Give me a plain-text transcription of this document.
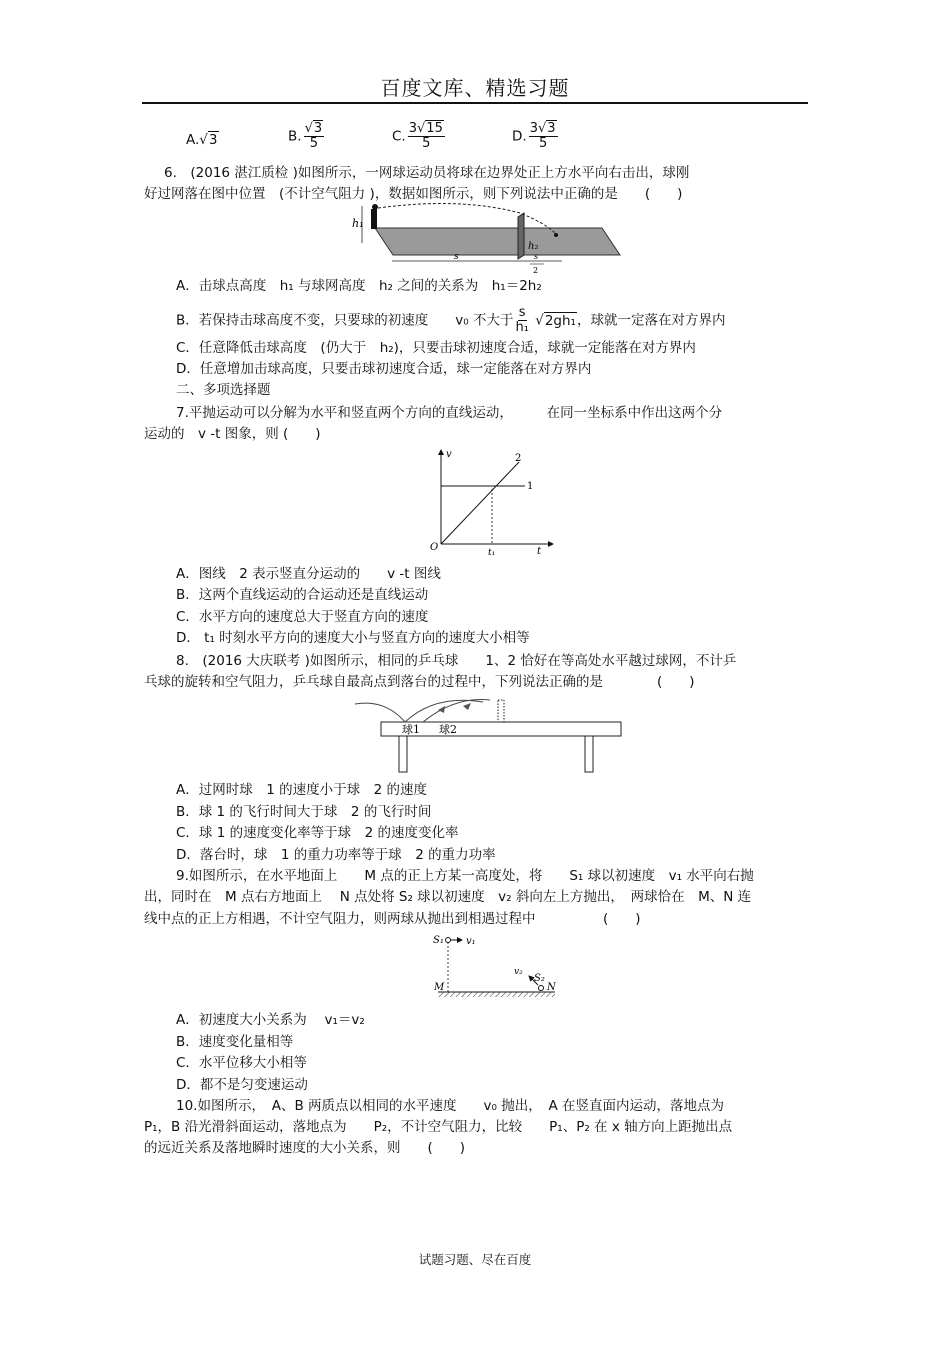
百度文库、精选习题
A.√3	B. $\frac{√3}{5}$	C. $\frac{3√15}{5}$	D. $\frac{3√3}{5}$
6.　(2016 湛江质检 )如图所示，一网球运动员将球在边界处正上方水平向右击出，球刚
好过网落在图中位置　(不计空气阻力 )，数据如图所示，则下列说法中正确的是　　(　　)
h₁
h₂
s	s
2
A．击球点高度　h₁ 与球网高度　h₂ 之间的关系为　h₁＝2h₂
B．若保持击球高度不变，只要球的初速度　　v₀ 不大于 $\frac{s}{\text{h₁}} √2gh_1$，球就一定落在对方界内
C．任意降低击球高度　(仍大于　h₂)，只要击球初速度合适，球就一定能落在对方界内
D．任意增加击球高度，只要击球初速度合适，球一定能落在对方界内
二、多项选择题
7.平抛运动可以分解为水平和竖直两个方向的直线运动，　　　在同一坐标系中作出这两个分
运动的　v -t 图象，则 (　　)
v
t
O	t₁
1
2
A．图线　2 表示竖直分运动的　　v -t 图线
B．这两个直线运动的合运动还是直线运动
C．水平方向的速度总大于竖直方向的速度
D． t₁ 时刻水平方向的速度大小与竖直方向的速度大小相等
8.　(2016 大庆联考 )如图所示，相同的乒乓球　　1、2 恰好在等高处水平越过球网，不计乒
乓球的旋转和空气阻力，乒乓球自最高点到落台的过程中，下列说法正确的是　　　　(　　)
球1 球2
A．过网时球　1 的速度小于球　2 的速度
B．球 1 的飞行时间大于球　2 的飞行时间
C．球 1 的速度变化率等于球　2 的速度变化率
D．落台时，球　1 的重力功率等于球　2 的重力功率
9.如图所示，在水平地面上　　M 点的正上方某一高度处，将　　S₁ 球以初速度　v₁ 水平向右抛
出，同时在　M 点右方地面上　 N 点处将 S₂ 球以初速度　v₂ 斜向左上方抛出，　两球恰在　M、N 连
线中点的正上方相遇，不计空气阻力，则两球从抛出到相遇过程中　　　　　(　　)
S₁ v₁
v₂
S₂
M	N
A．初速度大小关系为　 v₁＝v₂
B．速度变化量相等
C．水平位移大小相等
D．都不是匀变速运动
10.如图所示，　A、B 两质点以相同的水平速度　　v₀ 抛出，　A 在竖直面内运动，落地点为
P₁，B 沿光滑斜面运动，落地点为　　P₂，不计空气阻力，比较　　P₁、P₂ 在 x 轴方向上距抛出点
的远近关系及落地瞬时速度的大小关系，则　　(　　)
试题习题、尽在百度
